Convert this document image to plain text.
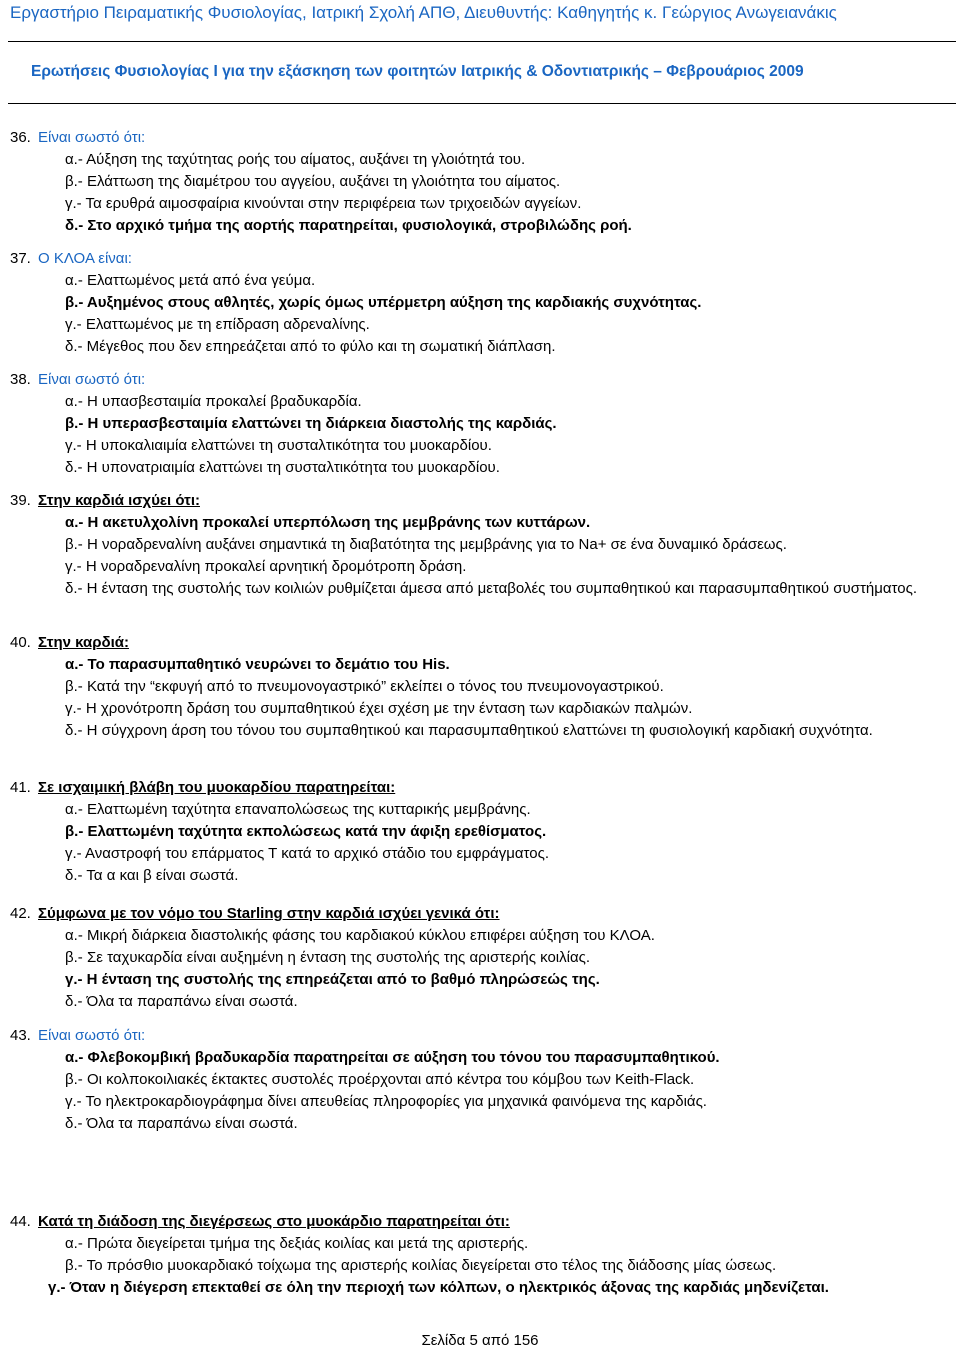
Εργαστήριο Πειραματικής Φυσιολογίας, Ιατρική Σχολή ΑΠΘ, Διευθυντής: Καθηγητής κ. Γεώργιος Ανωγειανάκις
Ερωτήσεις Φυσιολογίας Ι για την εξάσκηση των φοιτητών Ιατρικής & Οδοντιατρικής – Φεβρουάριος 2009
36. Είναι σωστό ότι:
α.- Αύξηση της ταχύτητας ροής του αίματος, αυξάνει τη γλοιότητά του.
β.- Ελάττωση της διαμέτρου του αγγείου, αυξάνει τη γλοιότητα του αίματος.
γ.- Τα ερυθρά αιμοσφαίρια κινούνται στην περιφέρεια των τριχοειδών αγγείων.
δ.- Στο αρχικό τμήμα της αορτής παρατηρείται, φυσιολογικά, στροβιλώδης ροή.
37. Ο ΚΛΟΑ είναι:
α.- Ελαττωμένος μετά από ένα γεύμα.
β.- Αυξημένος στους αθλητές, χωρίς όμως υπέρμετρη αύξηση της καρδιακής συχνότητας.
γ.- Ελαττωμένος με τη επίδραση αδρεναλίνης.
δ.- Μέγεθος που δεν επηρεάζεται από το φύλο και τη σωματική διάπλαση.
38. Είναι σωστό ότι:
α.- Η υπασβεσταιμία προκαλεί βραδυκαρδία.
β.- Η υπερασβεσταιμία ελαττώνει τη διάρκεια διαστολής της καρδιάς.
γ.- Η υποκαλιαιμία ελαττώνει τη συσταλτικότητα του μυοκαρδίου.
δ.- Η υπονατριαιμία ελαττώνει τη συσταλτικότητα του μυοκαρδίου.
39. Στην καρδιά ισχύει ότι:
α.- Η ακετυλχολίνη προκαλεί υπερπόλωση της μεμβράνης των κυττάρων.
β.- Η νοραδρεναλίνη αυξάνει σημαντικά τη διαβατότητα της μεμβράνης για το Na+ σε ένα δυναμικό δράσεως.
γ.- Η νοραδρεναλίνη προκαλεί αρνητική δρομότροπη δράση.
δ.- Η ένταση της συστολής των κοιλιών ρυθμίζεται άμεσα από μεταβολές του συμπαθητικού και παρασυμπαθητικού συστήματος.
40. Στην καρδιά:
α.- Το παρασυμπαθητικό νευρώνει το δεμάτιο του His.
β.- Κατά την “εκφυγή από το πνευμονογαστρικό” εκλείπει ο τόνος του πνευμονογαστρικού.
γ.- Η χρονότροπη δράση του συμπαθητικού έχει σχέση με την ένταση των καρδιακών παλμών.
δ.- Η σύγχρονη άρση του τόνου του συμπαθητικού και παρασυμπαθητικού ελαττώνει τη φυσιολογική καρδιακή συχνότητα.
41. Σε ισχαιμική βλάβη του μυοκαρδίου παρατηρείται:
α.- Ελαττωμένη ταχύτητα επαναπολώσεως της κυτταρικής μεμβράνης.
β.- Ελαττωμένη ταχύτητα εκπολώσεως κατά την άφιξη ερεθίσματος.
γ.- Αναστροφή του επάρματος Τ κατά το αρχικό στάδιο του εμφράγματος.
δ.- Τα α και β είναι σωστά.
42. Σύμφωνα με τον νόμο του Starling στην καρδιά ισχύει γενικά ότι:
α.- Μικρή διάρκεια διαστολικής φάσης του καρδιακού κύκλου επιφέρει αύξηση του ΚΛΟΑ.
β.- Σε ταχυκαρδία είναι αυξημένη η ένταση της συστολής της αριστερής κοιλίας.
γ.- Η ένταση της συστολής της επηρεάζεται από το βαθμό πληρώσεώς της.
δ.- Όλα τα παραπάνω είναι σωστά.
43. Είναι σωστό ότι:
α.- Φλεβοκομβική βραδυκαρδία παρατηρείται σε αύξηση του τόνου του παρασυμπαθητικού.
β.- Οι κολποκοιλιακές έκτακτες συστολές προέρχονται από κέντρα του κόμβου των Keith-Flack.
γ.- Το ηλεκτροκαρδιογράφημα δίνει απευθείας πληροφορίες για μηχανικά φαινόμενα της καρδιάς.
δ.- Όλα τα παραπάνω είναι σωστά.
44. Κατά τη διάδοση της διεγέρσεως στο μυοκάρδιο παρατηρείται ότι:
α.- Πρώτα διεγείρεται τμήμα της δεξιάς κοιλίας και μετά της αριστερής.
β.- Το πρόσθιο μυοκαρδιακό τοίχωμα της αριστερής κοιλίας διεγείρεται στο τέλος της διάδοσης μίας ώσεως.
γ.- Όταν η διέγερση επεκταθεί σε όλη την περιοχή των κόλπων, ο ηλεκτρικός άξονας της καρδιάς μηδενίζεται.
Σελίδα 5 από 156
